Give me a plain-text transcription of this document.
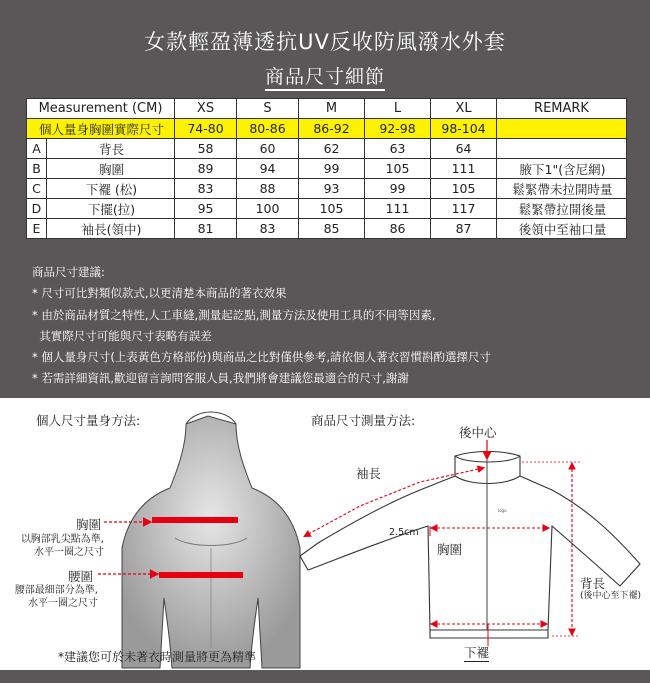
女款輕盈薄透抗UV反收防風潑水外套
商品尺寸細節
商品尺寸建議:
* 尺寸可比對類似款式,以更清楚本商品的著衣效果
* 由於商品材質之特性,人工車縫,測量起訖點,測量方法及使用工具的不同等因素,
其實際尺寸可能與尺寸表略有誤差
* 個人量身尺寸(上表黃色方格部份)與商品之比對僅供參考,請依個人著衣習慣斟酌選擇尺寸
* 若需詳細資訊,歡迎留言詢問客服人員,我們將會建議您最適合的尺寸,謝謝
Measurement (CM)		XS	S	M	L	XL	REMARK
個人量身胸圍實際尺寸		74-80	80-86	86-92	92-98	98-104	
A	背長	58	60	62	63	64	
B	胸圍	89	94	99	105	111	腋下1"(含尼網)
C	下襬 (松)	83	88	93	99	105	鬆緊帶未拉開時量
D	下擺(拉)	95	100	105	111	117	鬆緊帶拉開後量
E	袖長(領中)	81	83	85	86	87	後領中至袖口量
個人尺寸量身方法:
logo
胸圍
以胸部乳尖點為準,
水平一圈之尺寸
腰圍
腰部最細部分為準,
水平一圈之尺寸
*建議您可於未著衣時測量將更為精準
商品尺寸測量方法:
後中心
袖長
2.5cm
胸圍
背長
(後中心至下襬)
下襬
